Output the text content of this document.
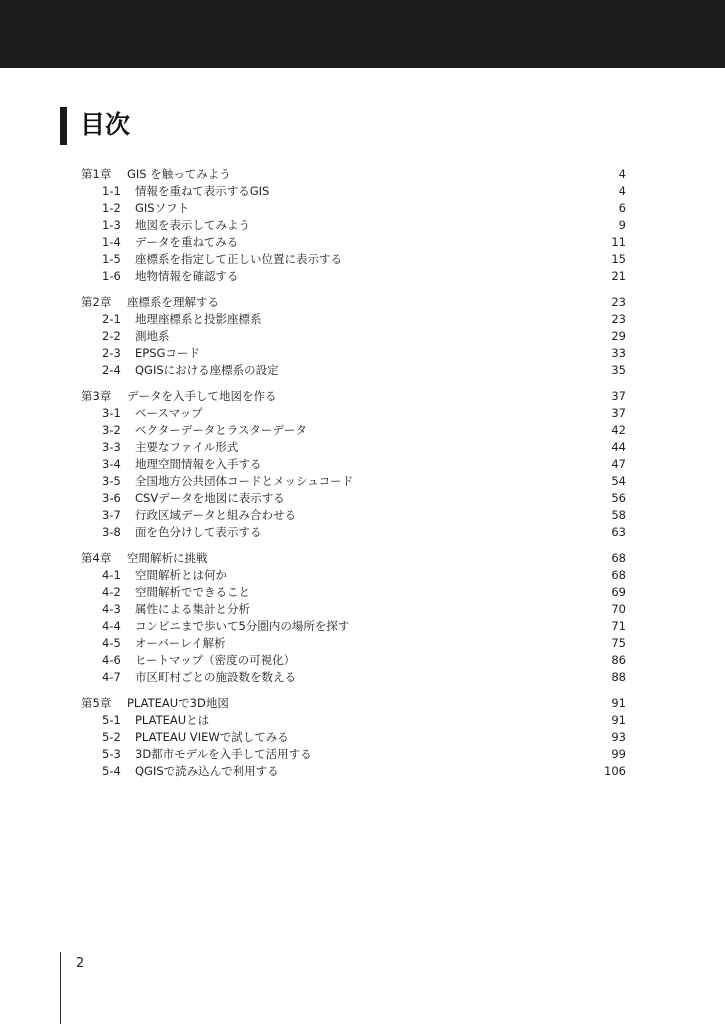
目次
第1章 GIS を触ってみよう	4
1-1 情報を重ねて表示するGIS	4
1-2 GISソフト	6
1-3 地図を表示してみよう	9
1-4 データを重ねてみる	11
1-5 座標系を指定して正しい位置に表示する	15
1-6 地物情報を確認する	21
第2章 座標系を理解する	23
2-1 地理座標系と投影座標系	23
2-2 測地系	29
2-3 EPSGコード	33
2-4 QGISにおける座標系の設定	35
第3章 データを入手して地図を作る	37
3-1 ベースマップ	37
3-2 ベクターデータとラスターデータ	42
3-3 主要なファイル形式	44
3-4 地理空間情報を入手する	47
3-5 全国地方公共団体コードとメッシュコード	54
3-6 CSVデータを地図に表示する	56
3-7 行政区域データと組み合わせる	58
3-8 面を色分けして表示する	63
第4章 空間解析に挑戦	68
4-1 空間解析とは何か	68
4-2 空間解析でできること	69
4-3 属性による集計と分析	70
4-4 コンビニまで歩いて5分圏内の場所を探す	71
4-5 オーバーレイ解析	75
4-6 ヒートマップ（密度の可視化）	86
4-7 市区町村ごとの施設数を数える	88
第5章 PLATEAUで3D地図	91
5-1 PLATEAUとは	91
5-2 PLATEAU VIEWで試してみる	93
5-3 3D都市モデルを入手して活用する	99
5-4 QGISで読み込んで利用する	106
2
